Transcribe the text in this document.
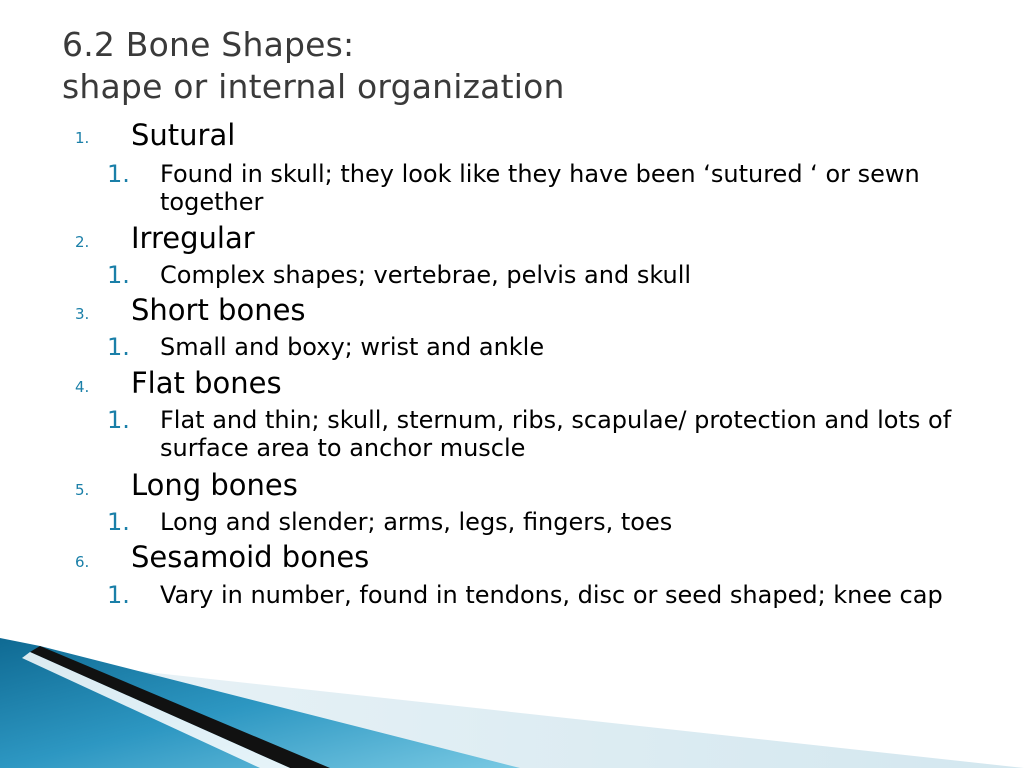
6.2 Bone Shapes:
shape or internal organization
1. Sutural
1. Found in skull; they look like they have been ‘sutured ‘ or sewn together
2. Irregular
1. Complex shapes; vertebrae, pelvis and skull
3. Short bones
1. Small and boxy; wrist and ankle
4. Flat bones
1. Flat and thin; skull, sternum, ribs, scapulae/ protection and lots of surface area to anchor muscle
5. Long bones
1. Long and slender; arms, legs, fingers, toes
6. Sesamoid bones
1. Vary in number, found in tendons, disc or seed shaped; knee cap
